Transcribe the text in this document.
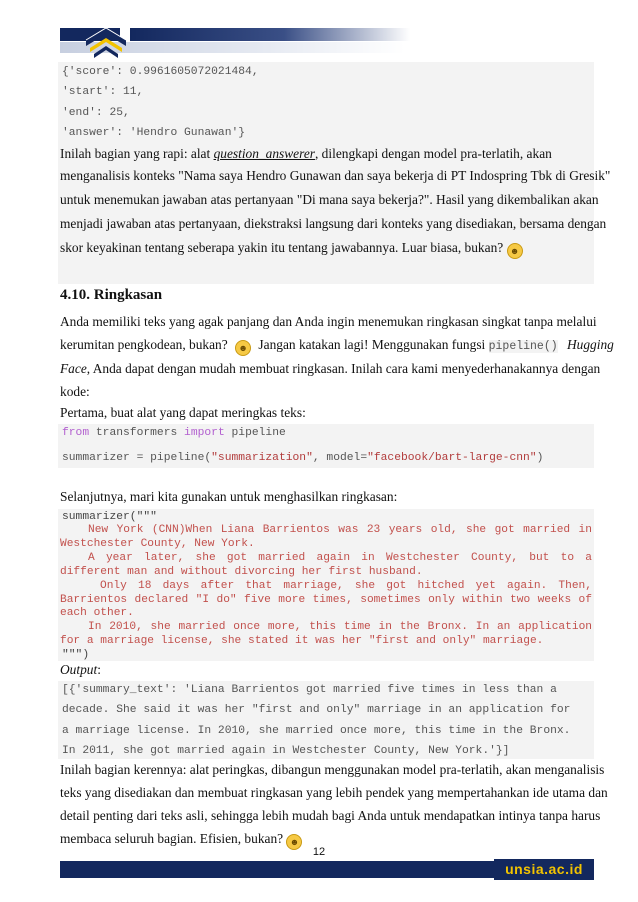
{'score': 0.9961605072021484,

'start': 11,

'end': 25,

'answer': 'Hendro Gunawan'}

Inilah bagian yang rapi: alat question_answerer, dilengkapi dengan model pra-terlatih, akan
menganalisis konteks "Nama saya Hendro Gunawan dan saya bekerja di PT Indospring Tbk di Gresik"
untuk menemukan jawaban atas pertanyaan "Di mana saya bekerja?". Hasil yang dikembalikan akan
menjadi jawaban atas pertanyaan, diekstraksi langsung dari konteks yang disediakan, bersama dengan
skor keyakinan tentang seberapa yakin itu tentang jawabannya. Luar biasa, bukan? ☻
4.10. Ringkasan
Anda memiliki teks yang agak panjang dan Anda ingin menemukan ringkasan singkat tanpa melalui
kerumitan pengkodean, bukan? ☻ Jangan katakan lagi! Menggunakan fungsi pipeline() Hugging
Face, Anda dapat dengan mudah membuat ringkasan. Inilah cara kami menyederhanakannya dengan
kode:
Pertama, buat alat yang dapat meringkas teks:

from transformers import pipeline

summarizer = pipeline("summarization", model="facebook/bart-large-cnn")

Selanjutnya, mari kita gunakan untuk menghasilkan ringkasan:
summarizer("""
New York (CNN)When Liana Barrientos was 23 years old, she got married in Westchester County, New York.
A year later, she got married again in Westchester County, but to a different man and without divorcing her first husband.
Only 18 days after that marriage, she got hitched yet again. Then, Barrientos declared "I do" five more times, sometimes only within two weeks of each other.
In 2010, she married once more, this time in the Bronx. In an application for a marriage license, she stated it was her "first and only" marriage.
""")
Output:

[{'summary_text': 'Liana Barrientos got married five times in less than a

decade. She said it was her "first and only" marriage in an application for

a marriage license. In 2010, she married once more, this time in the Bronx.

In 2011, she got married again in Westchester County, New York.'}]

Inilah bagian kerennya: alat peringkas, dibangun menggunakan model pra-terlatih, akan menganalisis
teks yang disediakan dan membuat ringkasan yang lebih pendek yang mempertahankan ide utama dan
detail penting dari teks asli, sehingga lebih mudah bagi Anda untuk mendapatkan intinya tanpa harus
membaca seluruh bagian. Efisien, bukan? ☻
12
unsia.ac.id
